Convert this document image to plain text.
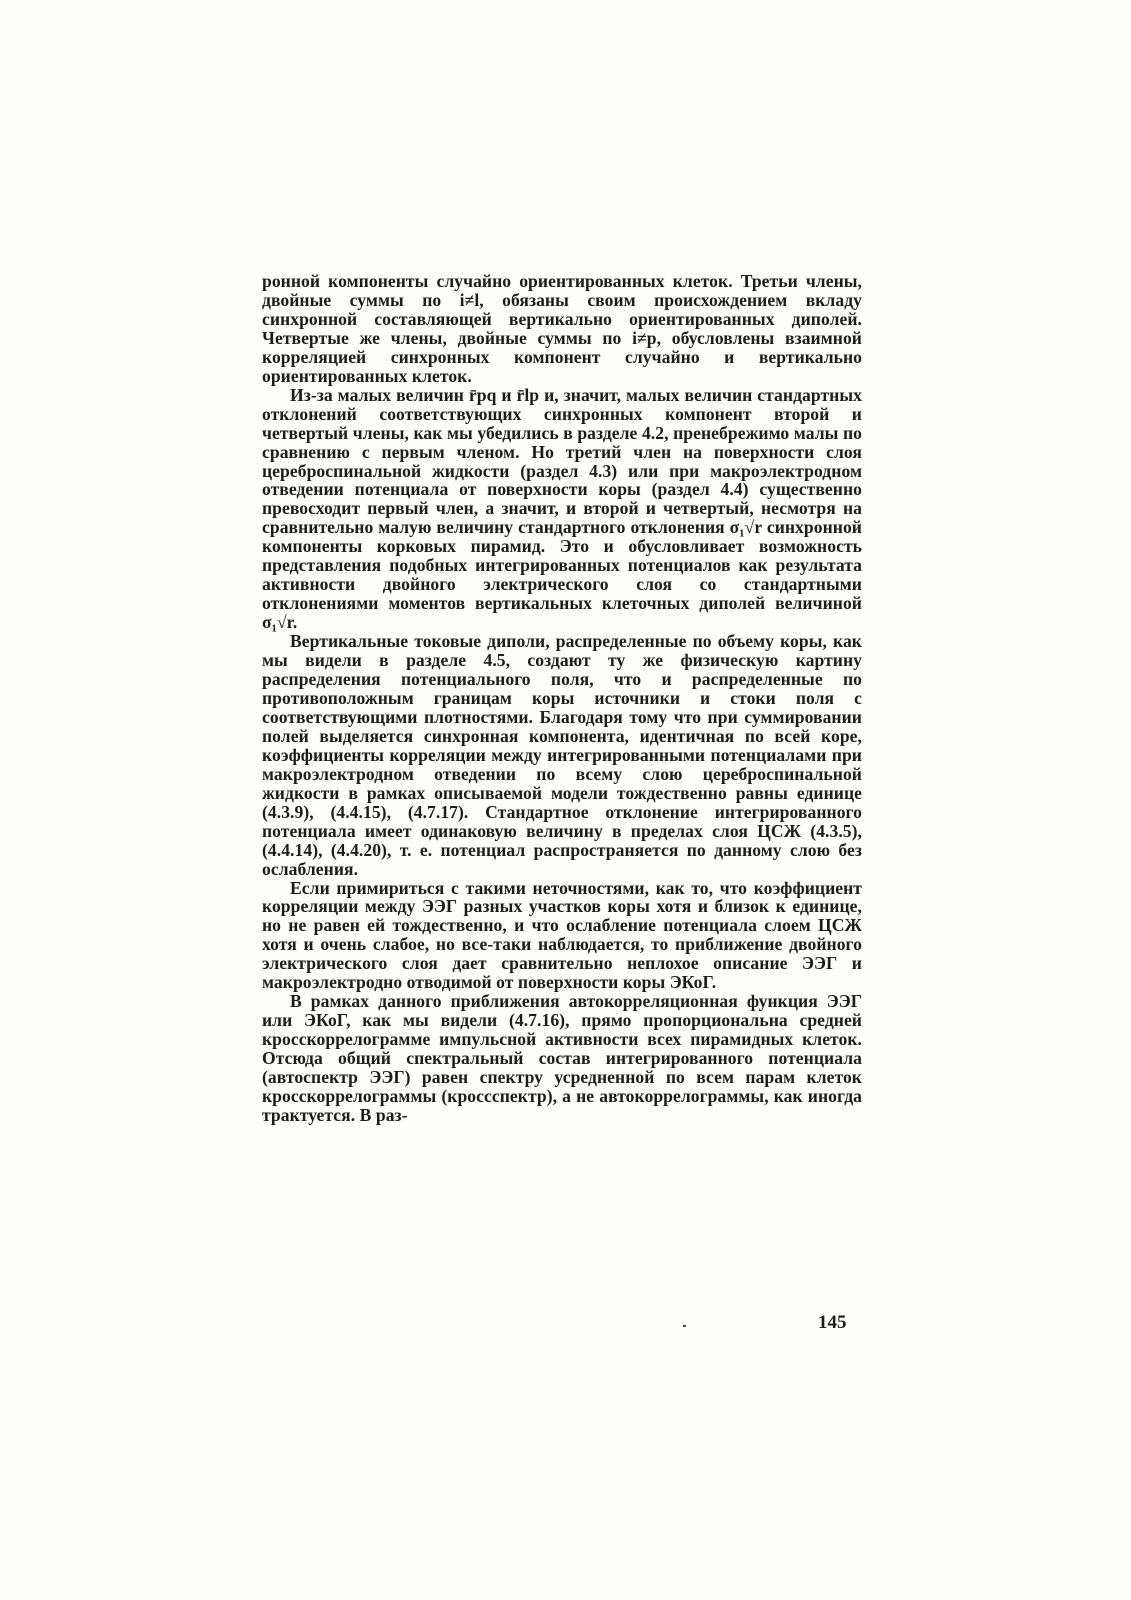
ронной компоненты случайно ориентированных клеток. Третьи члены, двойные суммы по i≠l, обязаны своим происхождением вкладу синхронной составляющей вертикально ориентированных диполей. Четвертые же члены, двойные суммы по i≠p, обусловлены взаимной корреляцией синхронных компонент случайно и вертикально ориентированных клеток.

Из-за малых величин r̄pq и r̄lp и, значит, малых величин стандартных отклонений соответствующих синхронных компонент второй и четвертый члены, как мы убедились в разделе 4.2, пренебрежимо малы по сравнению с первым членом. Но третий член на поверхности слоя цереброспинальной жидкости (раздел 4.3) или при макроэлектродном отведении потенциала от поверхности коры (раздел 4.4) существенно превосходит первый член, а значит, и второй и четвертый, несмотря на сравнительно малую величину стандартного отклонения σ₁√r синхронной компоненты корковых пирамид. Это и обусловливает возможность представления подобных интегрированных потенциалов как результата активности двойного электрического слоя со стандартными отклонениями моментов вертикальных клеточных диполей величиной σ₁√r.

Вертикальные токовые диполи, распределенные по объему коры, как мы видели в разделе 4.5, создают ту же физическую картину распределения потенциального поля, что и распределенные по противоположным границам коры источники и стоки поля с соответствующими плотностями. Благодаря тому что при суммировании полей выделяется синхронная компонента, идентичная по всей коре, коэффициенты корреляции между интегрированными потенциалами при макроэлектродном отведении по всему слою цереброспинальной жидкости в рамках описываемой модели тождественно равны единице (4.3.9), (4.4.15), (4.7.17). Стандартное отклонение интегрированного потенциала имеет одинаковую величину в пределах слоя ЦСЖ (4.3.5), (4.4.14), (4.4.20), т. е. потенциал распространяется по данному слою без ослабления.

Если примириться с такими неточностями, как то, что коэффициент корреляции между ЭЭГ разных участков коры хотя и близок к единице, но не равен ей тождественно, и что ослабление потенциала слоем ЦСЖ хотя и очень слабое, но все-таки наблюдается, то приближение двойного электрического слоя дает сравнительно неплохое описание ЭЭГ и макроэлектродно отводимой от поверхности коры ЭКоГ.

В рамках данного приближения автокорреляционная функция ЭЭГ или ЭКоГ, как мы видели (4.7.16), прямо пропорциональна средней кросскоррелограмме импульсной активности всех пирамидных клеток. Отсюда общий спектральный состав интегрированного потенциала (автоспектр ЭЭГ) равен спектру усредненной по всем парам клеток кросскоррелограммы (кроссспектр), а не автокоррелограммы, как иногда трактуется. В раз-

145
